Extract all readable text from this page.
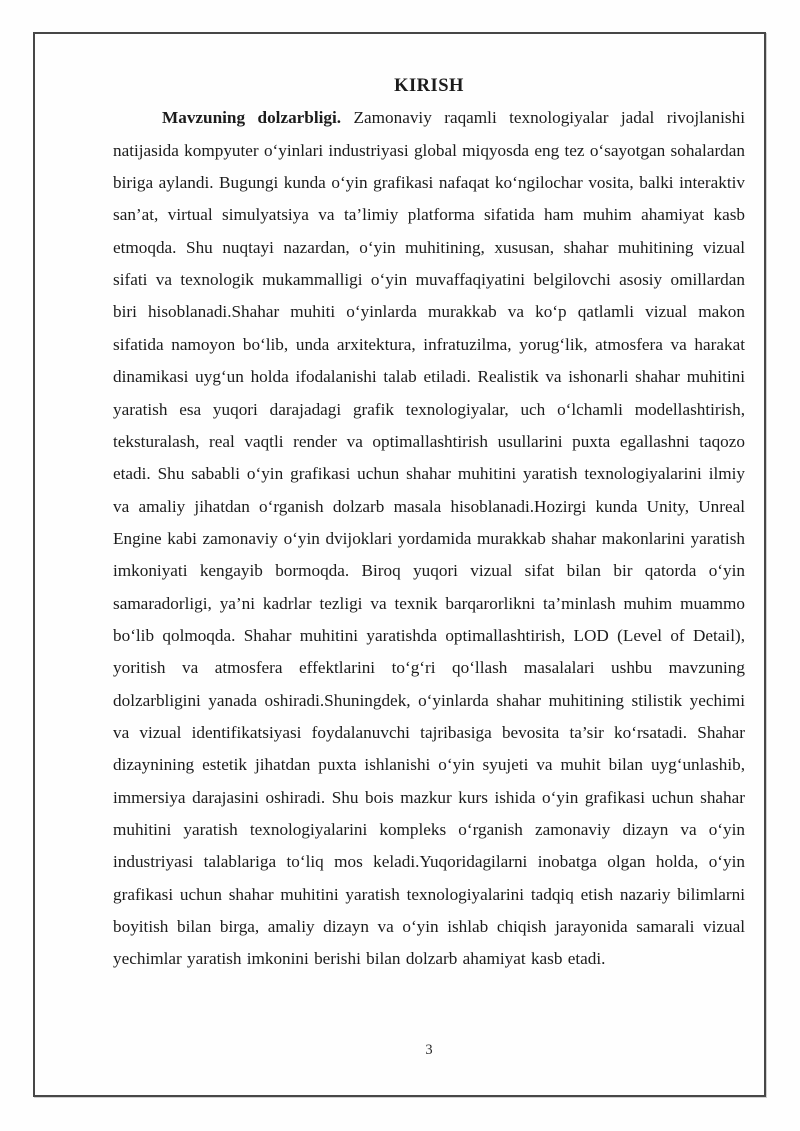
KIRISH

Mavzuning dolzarbligi. Zamonaviy raqamli texnologiyalar jadal rivojlanishi natijasida kompyuter o‘yinlari industriyasi global miqyosda eng tez o‘sayotgan sohalardan biriga aylandi. Bugungi kunda o‘yin grafikasi nafaqat ko‘ngilochar vosita, balki interaktiv san’at, virtual simulyatsiya va ta’limiy platforma sifatida ham muhim ahamiyat kasb etmoqda. Shu nuqtayi nazardan, o‘yin muhitining, xususan, shahar muhitining vizual sifati va texnologik mukammalligi o‘yin muvaffaqiyatini belgilovchi asosiy omillardan biri hisoblanadi.Shahar muhiti o‘yinlarda murakkab va ko‘p qatlamli vizual makon sifatida namoyon bo‘lib, unda arxitektura, infratuzilma, yorug‘lik, atmosfera va harakat dinamikasi uyg‘un holda ifodalanishi talab etiladi. Realistik va ishonarli shahar muhitini yaratish esa yuqori darajadagi grafik texnologiyalar, uch o‘lchamli modellashtirish, teksturalash, real vaqtli render va optimallashtirish usullarini puxta egallashni taqozo etadi. Shu sababli o‘yin grafikasi uchun shahar muhitini yaratish texnologiyalarini ilmiy va amaliy jihatdan o‘rganish dolzarb masala hisoblanadi.Hozirgi kunda Unity, Unreal Engine kabi zamonaviy o‘yin dvijoklari yordamida murakkab shahar makonlarini yaratish imkoniyati kengayib bormoqda. Biroq yuqori vizual sifat bilan bir qatorda o‘yin samaradorligi, ya’ni kadrlar tezligi va texnik barqarorlikni ta’minlash muhim muammo bo‘lib qolmoqda. Shahar muhitini yaratishda optimallashtirish, LOD (Level of Detail), yoritish va atmosfera effektlarini to‘g‘ri qo‘llash masalalari ushbu mavzuning dolzarbligini yanada oshiradi.Shuningdek, o‘yinlarda shahar muhitining stilistik yechimi va vizual identifikatsiyasi foydalanuvchi tajribasiga bevosita ta’sir ko‘rsatadi. Shahar dizaynining estetik jihatdan puxta ishlanishi o‘yin syujeti va muhit bilan uyg‘unlashib, immersiya darajasini oshiradi. Shu bois mazkur kurs ishida o‘yin grafikasi uchun shahar muhitini yaratish texnologiyalarini kompleks o‘rganish zamonaviy dizayn va o‘yin industriyasi talablariga to‘liq mos keladi.Yuqoridagilarni inobatga olgan holda, o‘yin grafikasi uchun shahar muhitini yaratish texnologiyalarini tadqiq etish nazariy bilimlarni boyitish bilan birga, amaliy dizayn va o‘yin ishlab chiqish jarayonida samarali vizual yechimlar yaratish imkonini berishi bilan dolzarb ahamiyat kasb etadi.

3
